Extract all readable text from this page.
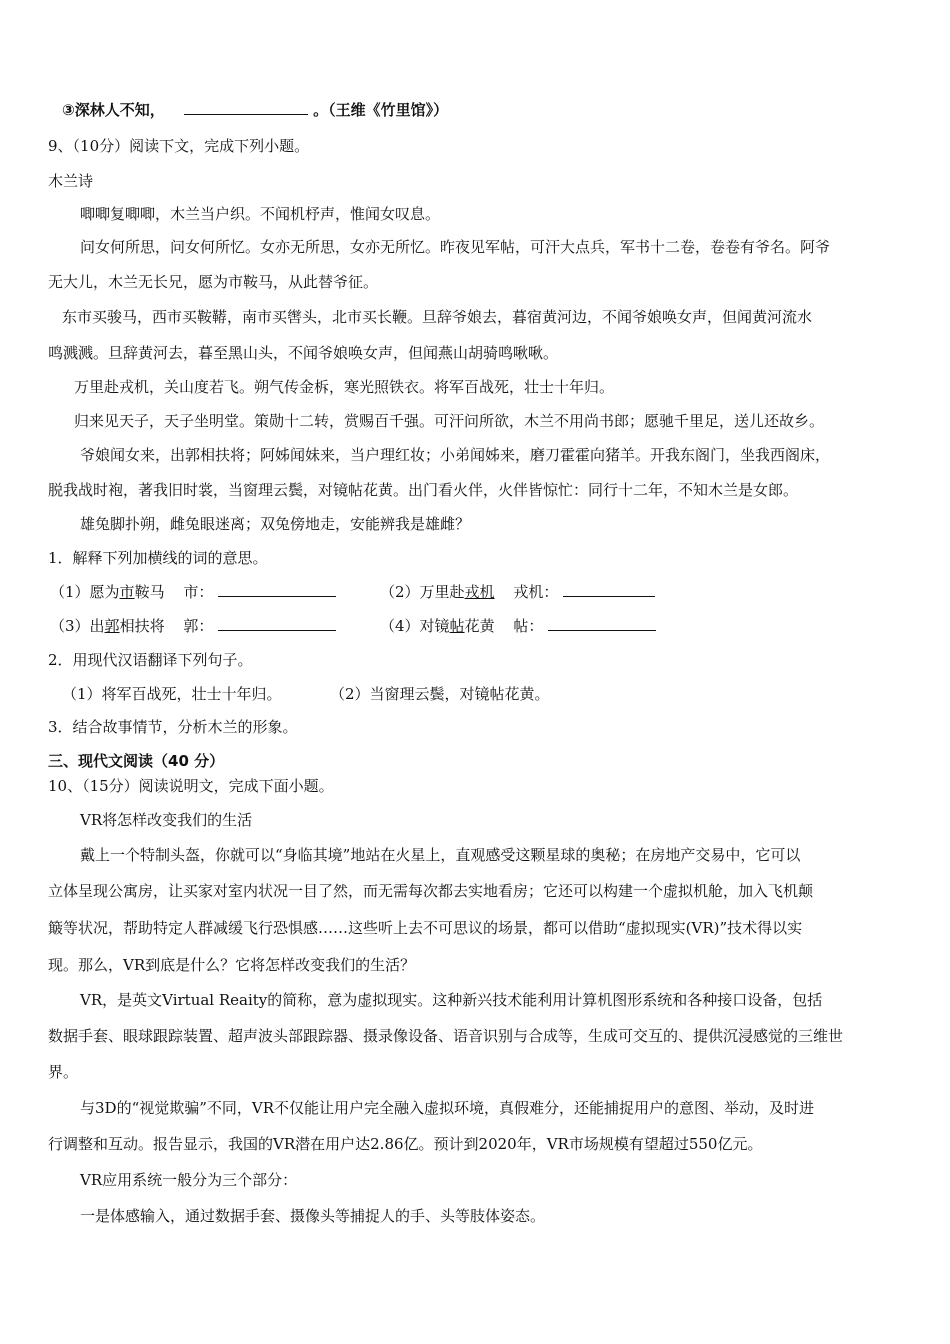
③深林人不知，	。（王维《竹里馆》）
9、（10分）阅读下文，完成下列小题。
木兰诗
唧唧复唧唧，木兰当户织。不闻机杼声，惟闻女叹息。
问女何所思，问女何所忆。女亦无所思，女亦无所忆。昨夜见军帖，可汗大点兵，军书十二卷，卷卷有爷名。阿爷
无大儿，木兰无长兄，愿为市鞍马，从此替爷征。
东市买骏马，西市买鞍鞯，南市买辔头，北市买长鞭。旦辞爷娘去，暮宿黄河边，不闻爷娘唤女声，但闻黄河流水
鸣溅溅。旦辞黄河去，暮至黑山头，不闻爷娘唤女声，但闻燕山胡骑鸣啾啾。
万里赴戎机，关山度若飞。朔气传金柝，寒光照铁衣。将军百战死，壮士十年归。
归来见天子，天子坐明堂。策勋十二转，赏赐百千强。可汗问所欲，木兰不用尚书郎；愿驰千里足，送儿还故乡。
爷娘闻女来，出郭相扶将；阿姊闻妹来，当户理红妆；小弟闻姊来，磨刀霍霍向猪羊。开我东阁门，坐我西阁床，
脱我战时袍，著我旧时裳，当窗理云鬓，对镜帖花黄。出门看火伴，火伴皆惊忙：同行十二年，不知木兰是女郎。
雄兔脚扑朔，雌兔眼迷离；双兔傍地走，安能辨我是雄雌？
1．解释下列加横线的词的意思。
（1）愿为市鞍马 市：	（2）万里赴戎机 戎机：
（3）出郭相扶将 郭：	（4）对镜帖花黄 帖：
2．用现代汉语翻译下列句子。
（1）将军百战死，壮士十年归。	（2）当窗理云鬓，对镜帖花黄。
3．结合故事情节，分析木兰的形象。
三、现代文阅读（40 分）
10、（15分）阅读说明文，完成下面小题。
VR将怎样改变我们的生活
戴上一个特制头盔，你就可以“身临其境”地站在火星上，直观感受这颗星球的奥秘；在房地产交易中，它可以
立体呈现公寓房，让买家对室内状况一目了然，而无需每次都去实地看房；它还可以构建一个虚拟机舱，加入飞机颠
簸等状况，帮助特定人群减缓飞行恐惧感……这些听上去不可思议的场景，都可以借助“虚拟现实(VR)”技术得以实
现。那么，VR到底是什么？它将怎样改变我们的生活？
VR，是英文Virtual Reaity的简称，意为虚拟现实。这种新兴技术能利用计算机图形系统和各种接口设备，包括
数据手套、眼球跟踪装置、超声波头部跟踪器、摄录像设备、语音识别与合成等，生成可交互的、提供沉浸感觉的三维世
界。
与3D的“视觉欺骗”不同，VR不仅能让用户完全融入虚拟环境，真假难分，还能捕捉用户的意图、举动，及时进
行调整和互动。报告显示，我国的VR潜在用户达2.86亿。预计到2020年，VR市场规模有望超过550亿元。
VR应用系统一般分为三个部分：
一是体感输入，通过数据手套、摄像头等捕捉人的手、头等肢体姿态。
